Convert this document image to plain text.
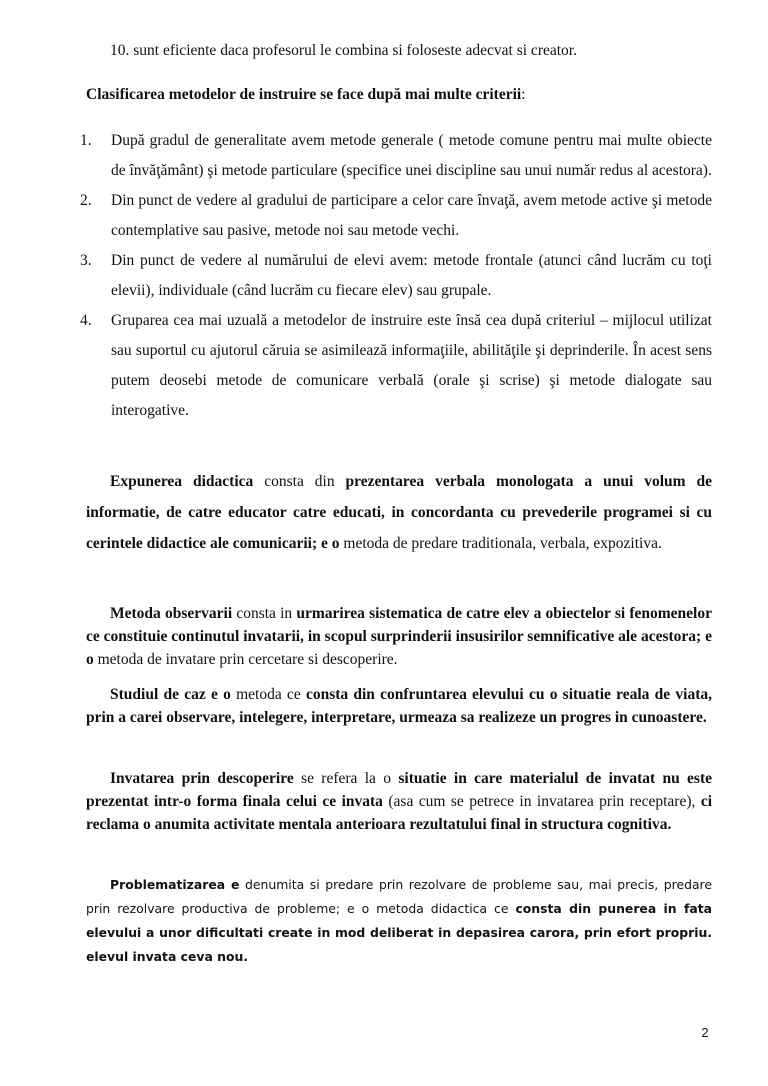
10. sunt eficiente daca profesorul le combina si foloseste adecvat si creator.

Clasificarea metodelor de instruire se face după mai multe criterii:

1. După gradul de generalitate avem metode generale ( metode comune pentru mai multe obiecte de învăţământ) şi metode particulare (specifice unei discipline sau unui număr redus al acestora).
2. Din punct de vedere al gradului de participare a celor care învaţă, avem metode active şi metode contemplative sau pasive, metode noi sau metode vechi.
3. Din punct de vedere al numărului de elevi avem: metode frontale (atunci când lucrăm cu toţi elevii), individuale (când lucrăm cu fiecare elev) sau grupale.
4. Gruparea cea mai uzuală a metodelor de instruire este însă cea după criteriul – mijlocul utilizat sau suportul cu ajutorul căruia se asimilează informaţiile, abilităţile şi deprinderile. În acest sens putem deosebi metode de comunicare verbală (orale şi scrise) şi metode dialogate sau interogative.

Expunerea didactica consta din prezentarea verbala monologata a unui volum de informatie, de catre educator catre educati, in concordanta cu prevederile programei si cu cerintele didactice ale comunicarii; e o metoda de predare traditionala, verbala, expozitiva.

Metoda observarii consta in urmarirea sistematica de catre elev a obiectelor si fenomenelor ce constituie continutul invatarii, in scopul surprinderii insusirilor semnificative ale acestora; e o metoda de invatare prin cercetare si descoperire.

Studiul de caz e o metoda ce consta din confruntarea elevului cu o situatie reala de viata, prin a carei observare, intelegere, interpretare, urmeaza sa realizeze un progres in cunoastere.

Invatarea prin descoperire se refera la o situatie in care materialul de invatat nu este prezentat intr-o forma finala celui ce invata (asa cum se petrece in invatarea prin receptare), ci reclama o anumita activitate mentala anterioara rezultatului final in structura cognitiva.

Problematizarea e denumita si predare prin rezolvare de probleme sau, mai precis, predare prin rezolvare productiva de probleme; e o metoda didactica ce consta din punerea in fata elevului a unor dificultati create in mod deliberat in depasirea carora, prin efort propriu. elevul invata ceva nou.

2
